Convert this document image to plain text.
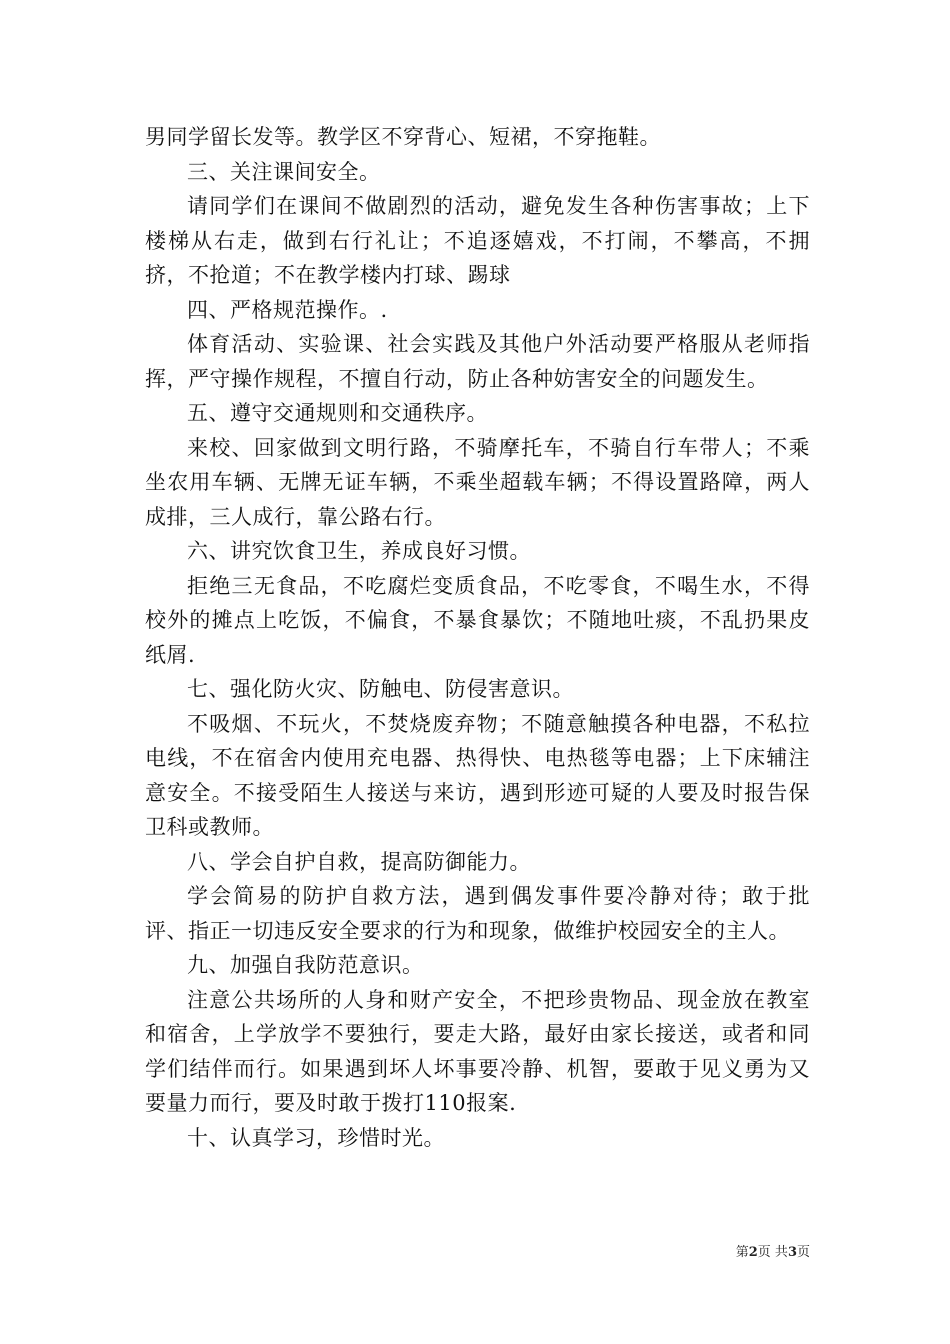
男同学留长发等。教学区不穿背心、短裙，不穿拖鞋。

三、关注课间安全。

请同学们在课间不做剧烈的活动，避免发生各种伤害事故；上下楼梯从右走，做到右行礼让；不追逐嬉戏，不打闹，不攀高，不拥挤，不抢道；不在教学楼内打球、踢球

四、严格规范操作。.

体育活动、实验课、社会实践及其他户外活动要严格服从老师指挥，严守操作规程，不擅自行动，防止各种妨害安全的问题发生。

五、遵守交通规则和交通秩序。

来校、回家做到文明行路，不骑摩托车，不骑自行车带人；不乘坐农用车辆、无牌无证车辆，不乘坐超载车辆；不得设置路障，两人成排，三人成行，靠公路右行。

六、讲究饮食卫生，养成良好习惯。

拒绝三无食品，不吃腐烂变质食品，不吃零食，不喝生水，不得校外的摊点上吃饭，不偏食，不暴食暴饮；不随地吐痰，不乱扔果皮纸屑.

七、强化防火灾、防触电、防侵害意识。

不吸烟、不玩火，不焚烧废弃物；不随意触摸各种电器，不私拉电线，不在宿舍内使用充电器、热得快、电热毯等电器；上下床辅注意安全。不接受陌生人接送与来访，遇到形迹可疑的人要及时报告保卫科或教师。

八、学会自护自救，提高防御能力。

学会简易的防护自救方法，遇到偶发事件要冷静对待；敢于批评、指正一切违反安全要求的行为和现象，做维护校园安全的主人。

九、加强自我防范意识。

注意公共场所的人身和财产安全，不把珍贵物品、现金放在教室和宿舍，上学放学不要独行，要走大路，最好由家长接送，或者和同学们结伴而行。如果遇到坏人坏事要冷静、机智，要敢于见义勇为又要量力而行，要及时敢于拨打110报案.

十、认真学习，珍惜时光。

第2页 共3页
